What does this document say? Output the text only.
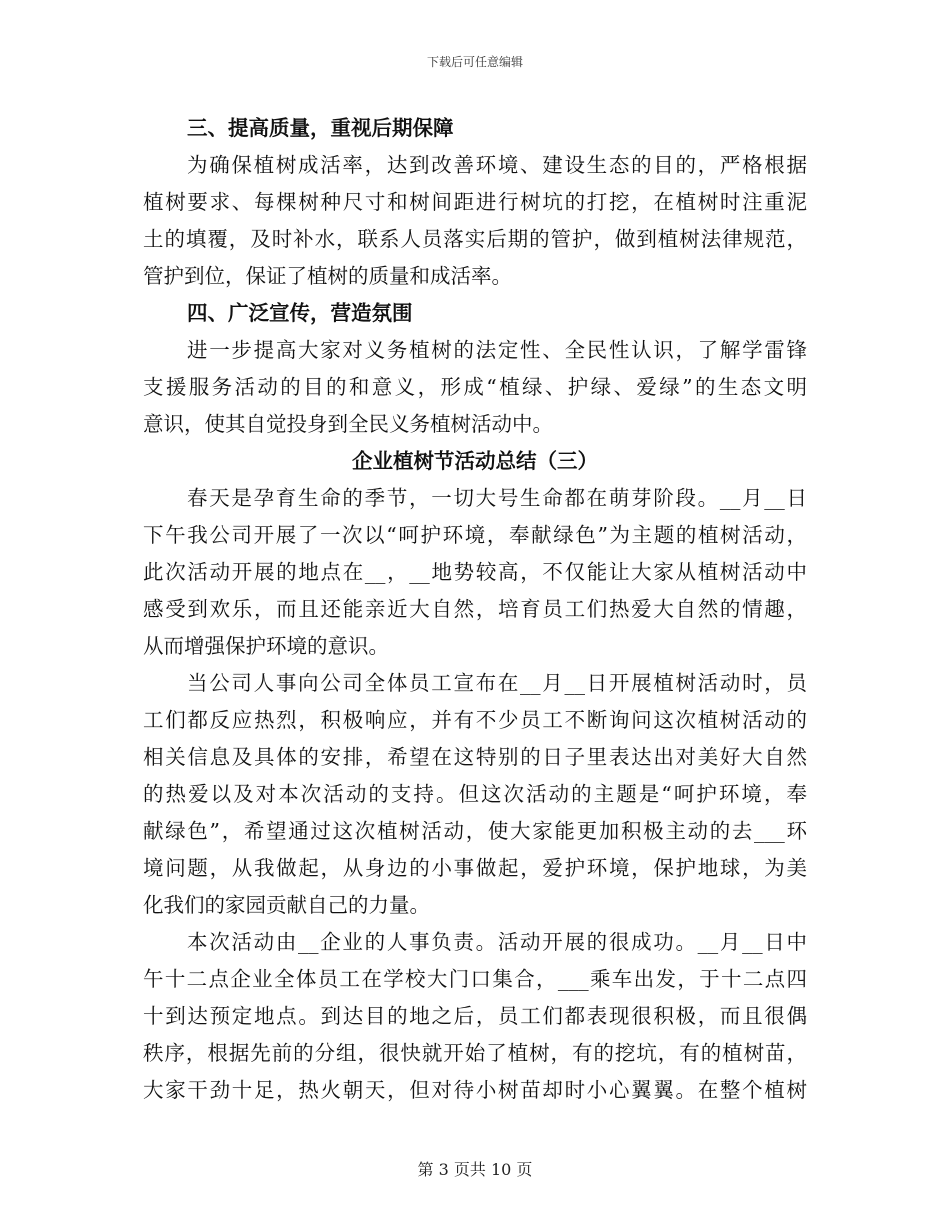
下载后可任意编辑
三、提高质量，重视后期保障
为确保植树成活率，达到改善环境、建设生态的目的，严格根据
植树要求、每棵树种尺寸和树间距进行树坑的打挖，在植树时注重泥
土的填覆，及时补水，联系人员落实后期的管护，做到植树法律规范，
管护到位，保证了植树的质量和成活率。
四、广泛宣传，营造氛围
进一步提高大家对义务植树的法定性、全民性认识，了解学雷锋
支援服务活动的目的和意义，形成“植绿、护绿、爱绿”的生态文明
意识，使其自觉投身到全民义务植树活动中。
企业植树节活动总结（三）
春天是孕育生命的季节，一切大号生命都在萌芽阶段。__月__日
下午我公司开展了一次以“呵护环境，奉献绿色”为主题的植树活动，
此次活动开展的地点在__，__地势较高，不仅能让大家从植树活动中
感受到欢乐，而且还能亲近大自然，培育员工们热爱大自然的情趣，
从而增强保护环境的意识。
当公司人事向公司全体员工宣布在__月__日开展植树活动时，员
工们都反应热烈，积极响应，并有不少员工不断询问这次植树活动的
相关信息及具体的安排，希望在这特别的日子里表达出对美好大自然
的热爱以及对本次活动的支持。但这次活动的主题是“呵护环境，奉
献绿色”，希望通过这次植树活动，使大家能更加积极主动的去___环
境问题，从我做起，从身边的小事做起，爱护环境，保护地球，为美
化我们的家园贡献自己的力量。
本次活动由__企业的人事负责。活动开展的很成功。__月__日中
午十二点企业全体员工在学校大门口集合，___乘车出发，于十二点四
十到达预定地点。到达目的地之后，员工们都表现很积极，而且很偶
秩序，根据先前的分组，很快就开始了植树，有的挖坑，有的植树苗，
大家干劲十足，热火朝天，但对待小树苗却时小心翼翼。在整个植树
第 3 页共 10 页
